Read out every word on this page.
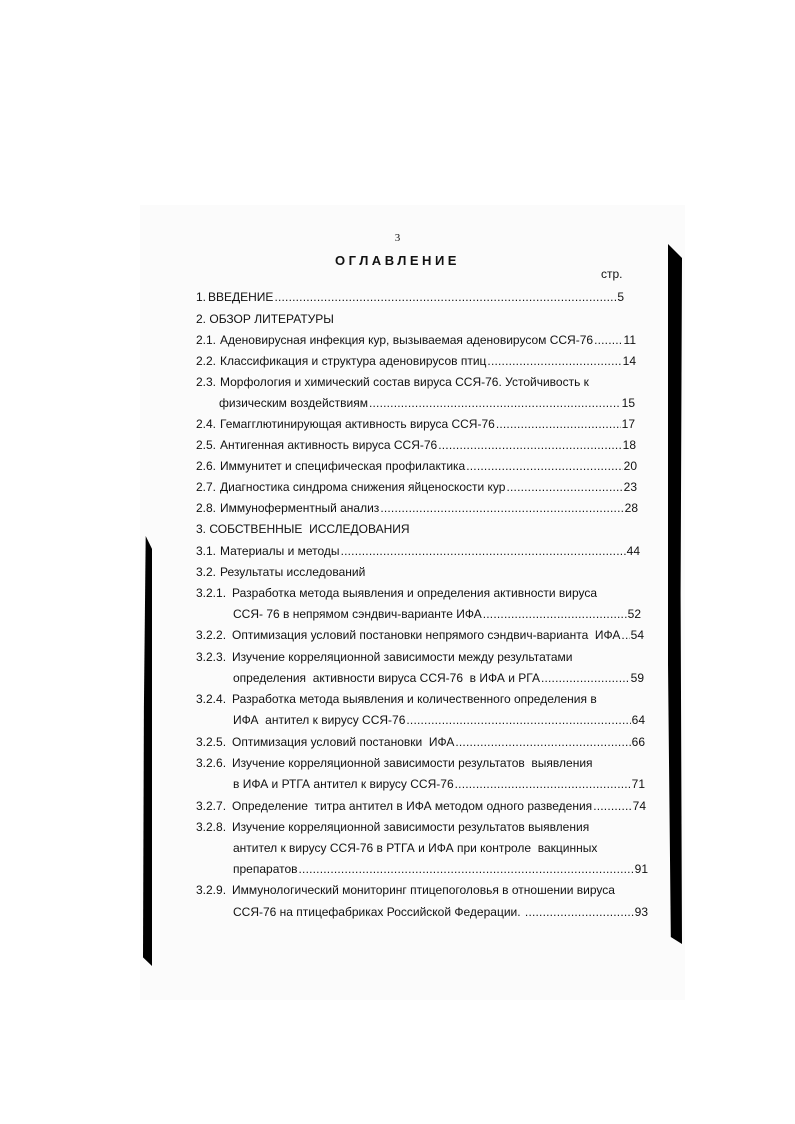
3
ОГЛАВЛЕНИЕ
стр.
1. ВВЕДЕНИЕ .....	5
2. ОБЗОР ЛИТЕРАТУРЫ
2.1. Аденовирусная инфекция кур, вызываемая аденовирусом ССЯ-76 .....	11
2.2. Классификация и структура аденовирусов птиц .....	14
2.3. Морфология и химический состав вируса ССЯ-76. Устойчивость к
физическим воздействиям .....	15
2.4. Гемагглютинирующая активность вируса ССЯ-76 .....	17
2.5. Антигенная активность вируса ССЯ-76 .....	18
2.6. Иммунитет и специфическая профилактика .....	20
2.7. Диагностика синдрома снижения яйценоскости кур .....	23
2.8. Иммуноферментный анализ .....	28
3. СОБСТВЕННЫЕ  ИССЛЕДОВАНИЯ
3.1. Материалы и методы .....	44
3.2. Результаты исследований
3.2.1. Разработка метода выявления и определения активности вируса
ССЯ- 76 в непрямом сэндвич-варианте ИФА .....	52
3.2.2. Оптимизация условий постановки непрямого сэндвич-варианта  ИФА ..... 54
3.2.3. Изучение корреляционной зависимости между результатами
определения  активности вируса ССЯ-76  в ИФА и РГА .....	59
3.2.4. Разработка метода выявления и количественного определения в
ИФА  антител к вирусу ССЯ-76 .....	64
3.2.5. Оптимизация условий постановки  ИФА .....	66
3.2.6. Изучение корреляционной зависимости результатов  выявления
в ИФА и РТГА антител к вирусу ССЯ-76 .....	71
3.2.7. Определение  титра антител в ИФА методом одного разведения .....	74
3.2.8. Изучение корреляционной зависимости результатов выявления
антител к вирусу ССЯ-76 в РТГА и ИФА при контроле  вакцинных
препаратов .....	91
3.2.9. Иммунологический мониторинг птицепоголовья в отношении вируса
ССЯ-76 на птицефабриках Российской Федерации. .....	93
